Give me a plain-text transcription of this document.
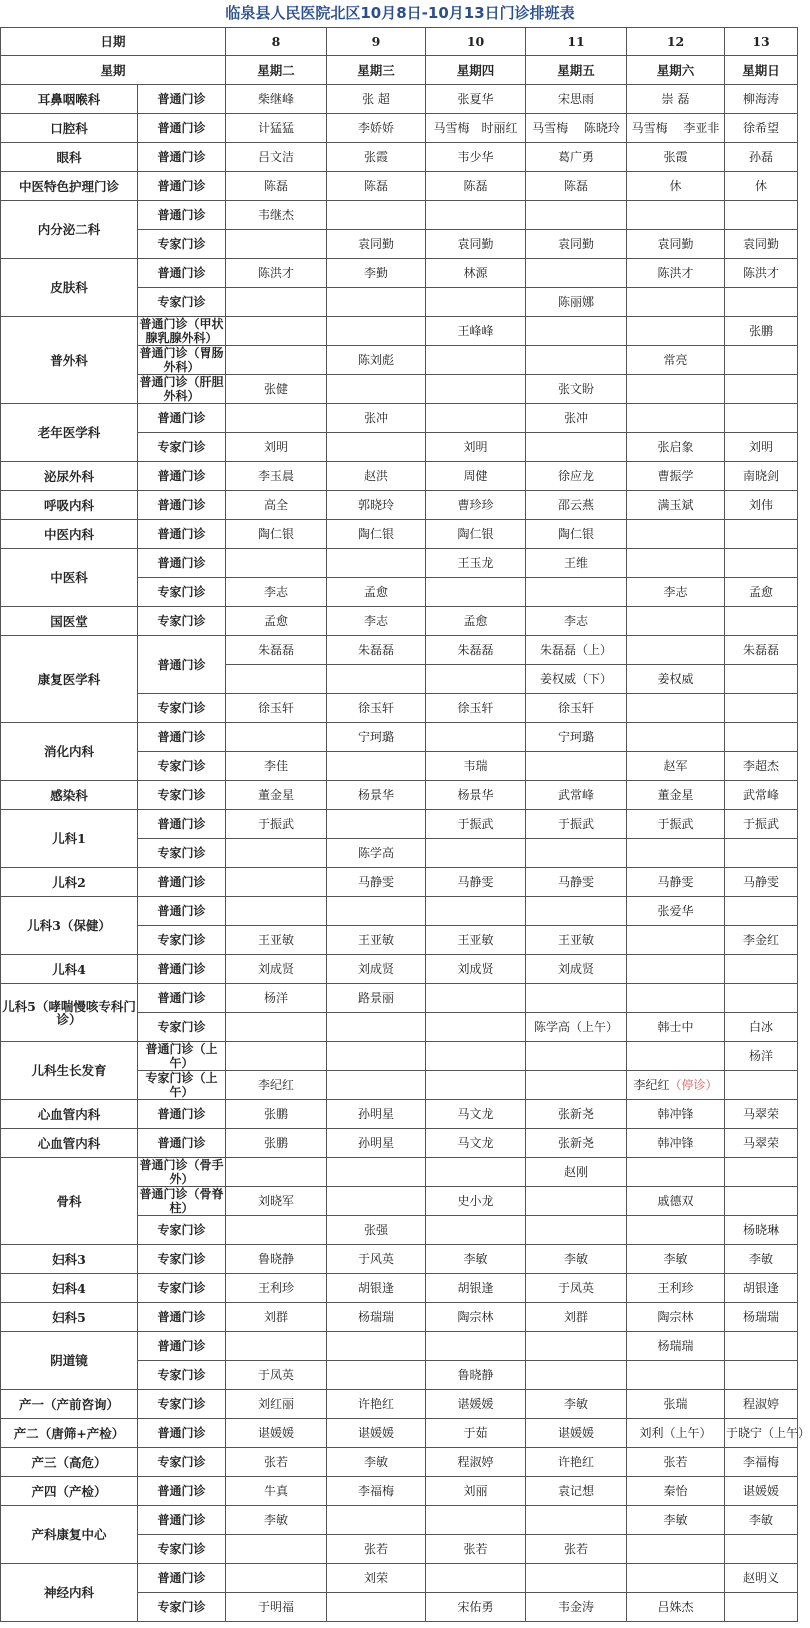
临泉县人民医院北区10月8日-10月13日门诊排班表
日期		8	9	10	11	12	13
星期		星期二	星期三	星期四	星期五	星期六	星期日
耳鼻咽喉科	普通门诊	柴继峰	张 超	张夏华	宋思雨	崇 磊	柳海涛
口腔科	普通门诊	计猛猛	李娇娇	马雪梅　时丽红	马雪梅　 陈晓玲	马雪梅　 李亚非	徐希望
眼科	普通门诊	吕文洁	张霞	韦少华	葛广勇	张霞	孙磊
中医特色护理门诊	普通门诊	陈磊	陈磊	陈磊	陈磊	休	休
内分泌二科	普通门诊	韦继杰					
	专家门诊		袁同勤	袁同勤	袁同勤	袁同勤	袁同勤
皮肤科	普通门诊	陈洪才	李勤	林源		陈洪才	陈洪才
	专家门诊				陈丽娜		
普外科	普通门诊（甲状腺乳腺外科）			王峰峰			张鹏
	普通门诊（胃肠外科）		陈刘彪			常亮	
	普通门诊（肝胆外科）	张健			张文盼		
老年医学科	普通门诊		张冲		张冲		
	专家门诊	刘明		刘明		张启象	刘明
泌尿外科	普通门诊	李玉晨	赵洪	周健	徐应龙	曹振学	南晓剑
呼吸内科	普通门诊	高全	郭晓玲	曹珍珍	邵云燕	满玉斌	刘伟
中医内科	普通门诊	陶仁银	陶仁银	陶仁银	陶仁银		
中医科	普通门诊			王玉龙	王维		
	专家门诊	李志	孟愈			李志	孟愈
国医堂	专家门诊	孟愈	李志	孟愈	李志		
康复医学科	普通门诊	朱磊磊	朱磊磊	朱磊磊	朱磊磊（上）		朱磊磊
					姜权威（下）	姜权威	
	专家门诊	徐玉轩	徐玉轩	徐玉轩	徐玉轩		
消化内科	普通门诊		宁珂璐		宁珂璐		
	专家门诊	李佳		韦瑞		赵军	李超杰
感染科	专家门诊	董金星	杨景华	杨景华	武常峰	董金星	武常峰
儿科1	普通门诊	于振武		于振武	于振武	于振武	于振武
	专家门诊		陈学高				
儿科2	普通门诊		马静雯	马静雯	马静雯	马静雯	马静雯
儿科3（保健）	普通门诊					张爱华	
	专家门诊	王亚敏	王亚敏	王亚敏	王亚敏		李金红
儿科4	普通门诊	刘成贤	刘成贤	刘成贤	刘成贤		
儿科5（哮喘慢咳专科门诊）	普通门诊	杨洋	路景丽				
	专家门诊				陈学高（上午）	韩士中	白冰
儿科生长发育	普通门诊（上午）						杨洋
	专家门诊（上午）	李纪红				李纪红（停诊）	
心血管内科	普通门诊	张鹏	孙明星	马文龙	张新尧	韩冲锋	马翠荣
心血管内科	普通门诊	张鹏	孙明星	马文龙	张新尧	韩冲锋	马翠荣
骨科	普通门诊（骨手外）				赵刚		
	普通门诊（骨脊柱）	刘晓军		史小龙		戚德双	
	专家门诊		张强				杨晓琳
妇科3	专家门诊	鲁晓静	于风英	李敏	李敏	李敏	李敏
妇科4	专家门诊	王利珍	胡银逢	胡银逢	于凤英	王利珍	胡银逢
妇科5	普通门诊	刘群	杨瑞瑞	陶宗林	刘群	陶宗林	杨瑞瑞
阴道镜	普通门诊					杨瑞瑞	
	专家门诊	于凤英		鲁晓静			
产一（产前咨询）	专家门诊	刘红丽	许艳红	谌媛媛	李敏	张瑞	程淑婷
产二（唐筛+产检）	普通门诊	谌媛媛	谌媛媛	于茹	谌媛媛	刘利（上午）	于晓宁（上午）
产三（高危）	专家门诊	张若	李敏	程淑婷	许艳红	张若	李福梅
产四（产检）	普通门诊	牛真	李福梅	刘丽	袁记想	秦怡	谌媛媛
产科康复中心	普通门诊	李敏				李敏	李敏
	专家门诊		张若	张若	张若		
神经内科	普通门诊		刘荣				赵明义
	专家门诊	于明福		宋佑勇	韦金涛	吕姝杰	
